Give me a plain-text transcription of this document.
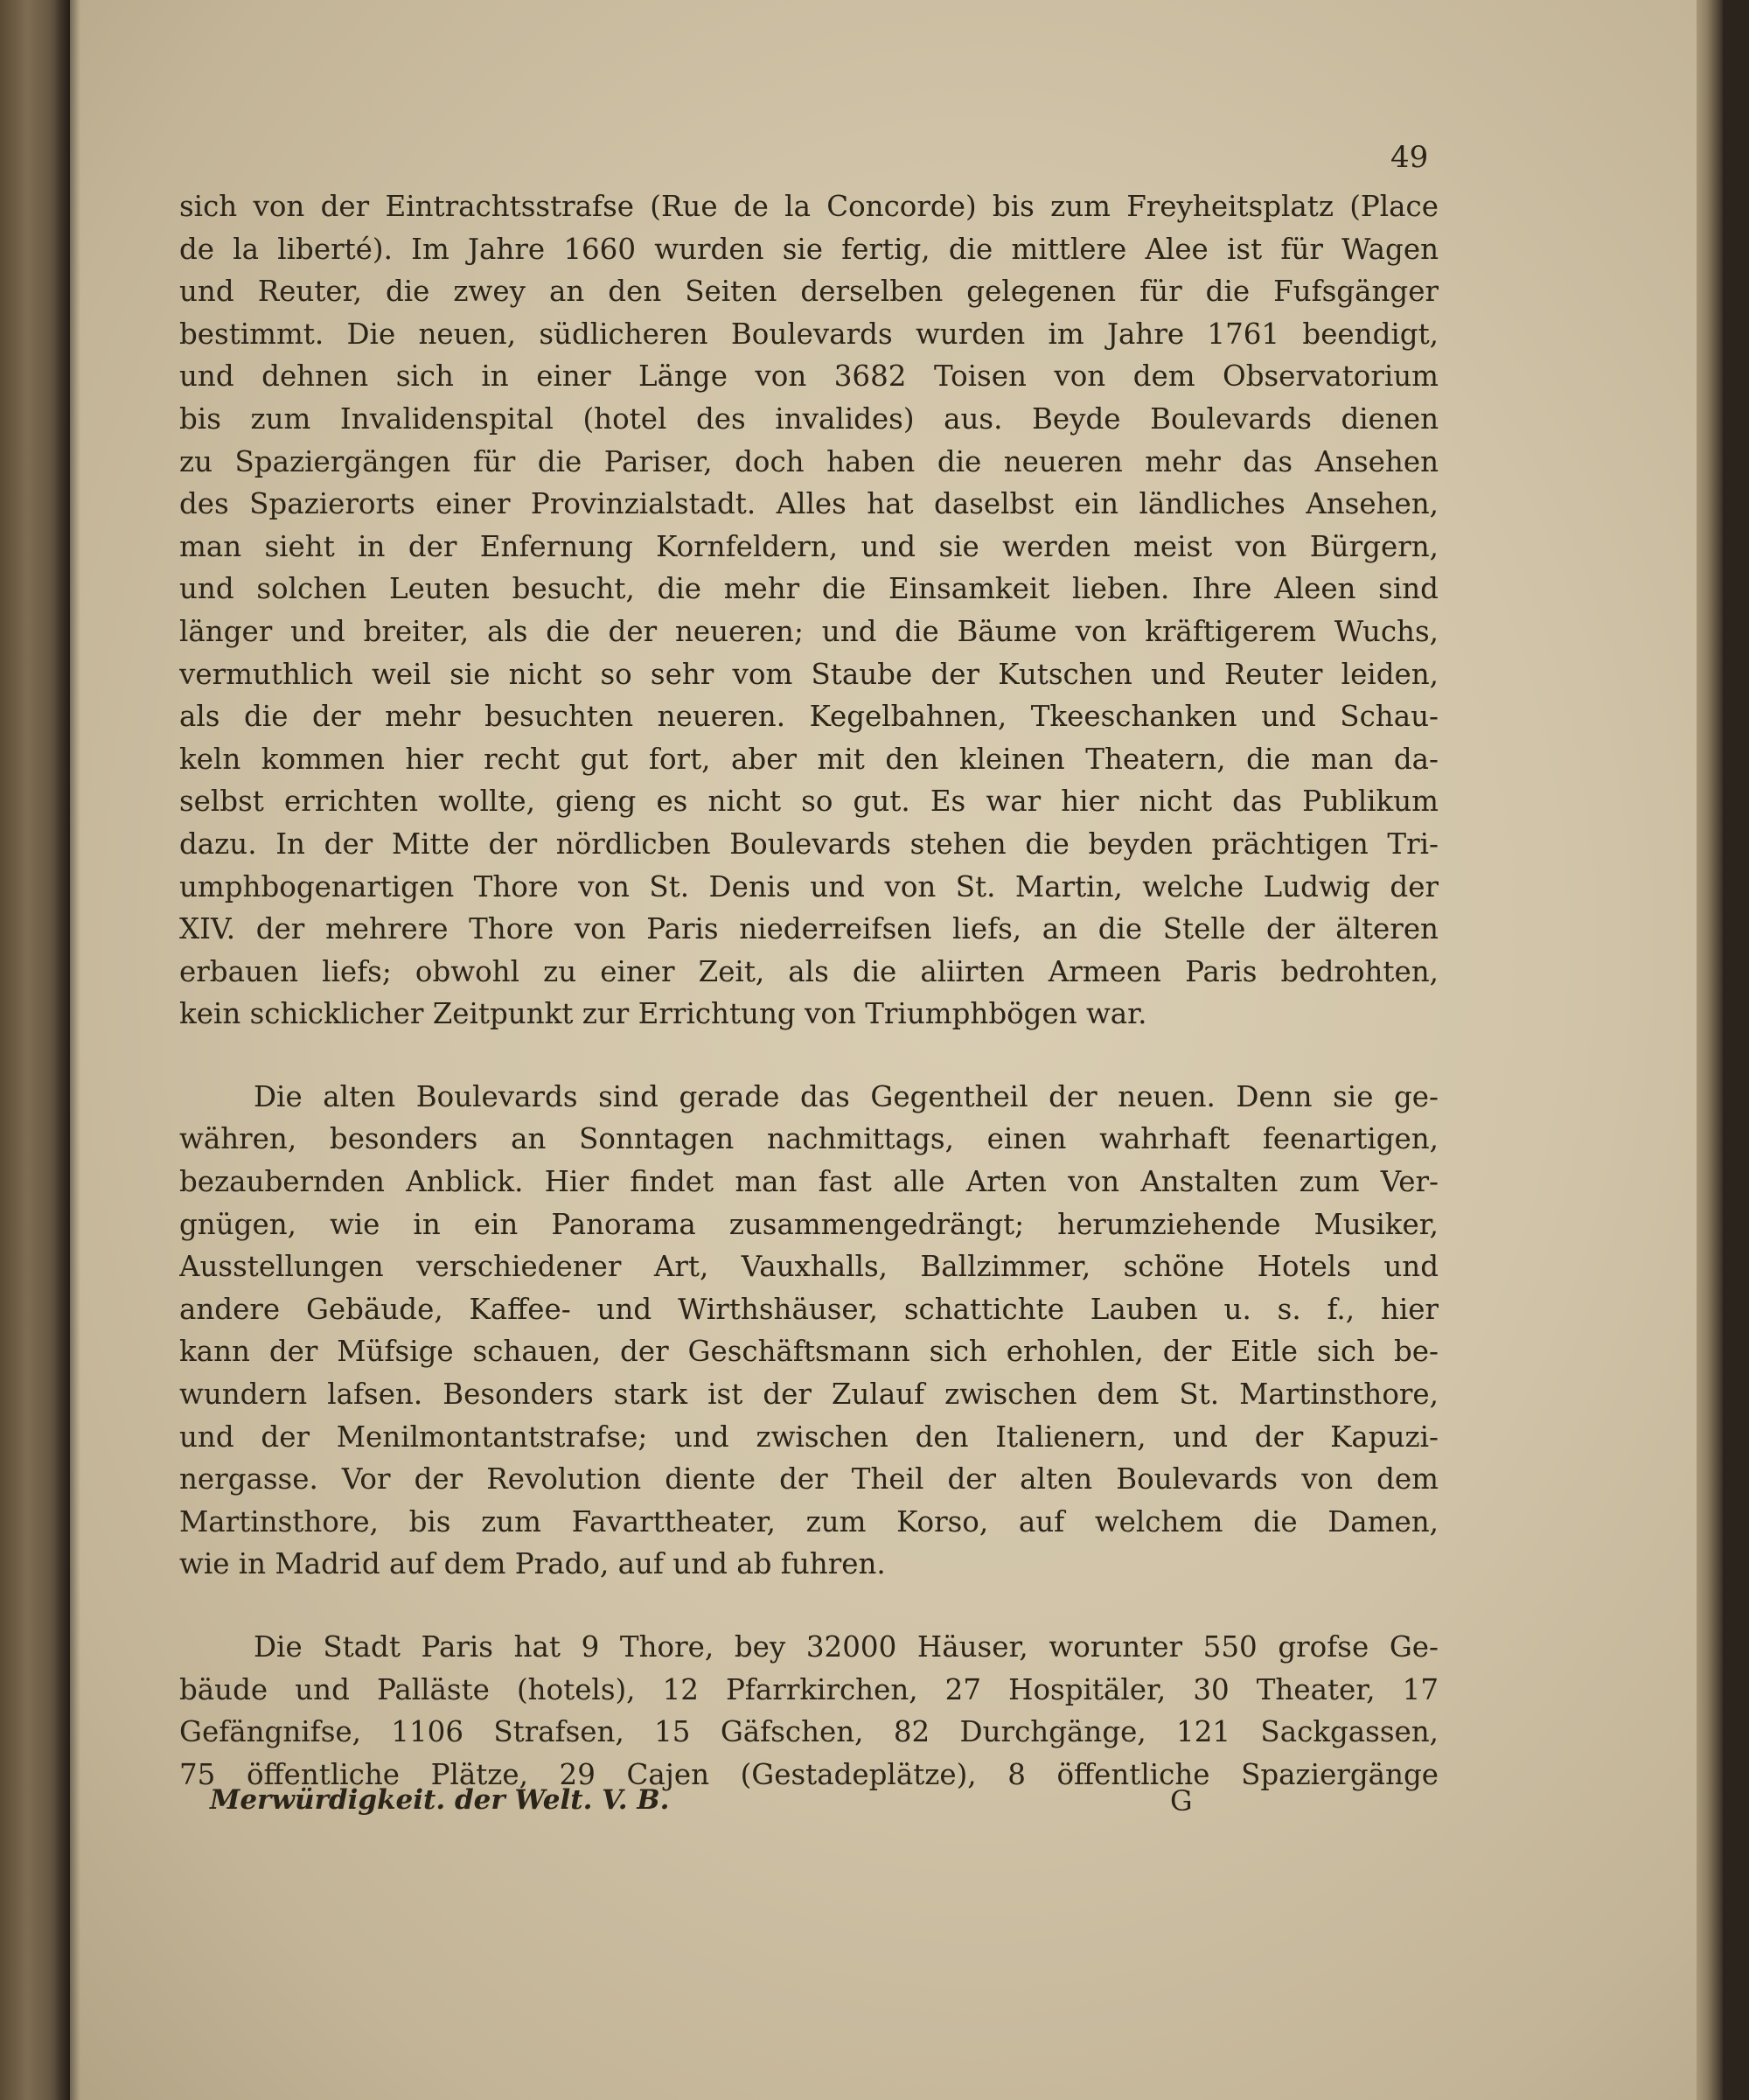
49
sich von der Eintrachtsstrafse (Rue de la Concorde) bis zum Freyheitsplatz (Place
de la liberté). Im Jahre 1660 wurden sie fertig, die mittlere Alee ist für Wagen
und Reuter, die zwey an den Seiten derselben gelegenen für die Fufsgänger
bestimmt. Die neuen, südlicheren Boulevards wurden im Jahre 1761 beendigt,
und dehnen sich in einer Länge von 3682 Toisen von dem Observatorium
bis zum Invalidenspital (hotel des invalides) aus. Beyde Boulevards dienen
zu Spaziergängen für die Pariser, doch haben die neueren mehr das Ansehen
des Spazierorts einer Provinzialstadt. Alles hat daselbst ein ländliches Ansehen,
man sieht in der Enfernung Kornfeldern, und sie werden meist von Bürgern,
und solchen Leuten besucht, die mehr die Einsamkeit lieben. Ihre Aleen sind
länger und breiter, als die der neueren; und die Bäume von kräftigerem Wuchs,
vermuthlich weil sie nicht so sehr vom Staube der Kutschen und Reuter leiden,
als die der mehr besuchten neueren. Kegelbahnen, Tkeeschanken und Schau-
keln kommen hier recht gut fort, aber mit den kleinen Theatern, die man da-
selbst errichten wollte, gieng es nicht so gut. Es war hier nicht das Publikum
dazu. In der Mitte der nördlicben Boulevards stehen die beyden prächtigen Tri-
umphbogenartigen Thore von St. Denis und von St. Martin, welche Ludwig der
XIV. der mehrere Thore von Paris niederreifsen liefs, an die Stelle der älteren
erbauen liefs; obwohl zu einer Zeit, als die aliirten Armeen Paris bedrohten,
kein schicklicher Zeitpunkt zur Errichtung von Triumphbögen war.
Die alten Boulevards sind gerade das Gegentheil der neuen. Denn sie ge-
währen, besonders an Sonntagen nachmittags, einen wahrhaft feenartigen,
bezaubernden Anblick. Hier findet man fast alle Arten von Anstalten zum Ver-
gnügen, wie in ein Panorama zusammengedrängt; herumziehende Musiker,
Ausstellungen verschiedener Art, Vauxhalls, Ballzimmer, schöne Hotels und
andere Gebäude, Kaffee- und Wirthshäuser, schattichte Lauben u. s. f., hier
kann der Müfsige schauen, der Geschäftsmann sich erhohlen, der Eitle sich be-
wundern lafsen. Besonders stark ist der Zulauf zwischen dem St. Martinsthore,
und der Menilmontantstrafse; und zwischen den Italienern, und der Kapuzi-
nergasse. Vor der Revolution diente der Theil der alten Boulevards von dem
Martinsthore, bis zum Favarttheater, zum Korso, auf welchem die Damen,
wie in Madrid auf dem Prado, auf und ab fuhren.
Die Stadt Paris hat 9 Thore, bey 32000 Häuser, worunter 550 grofse Ge-
bäude und Palläste (hotels), 12 Pfarrkirchen, 27 Hospitäler, 30 Theater, 17
Gefängnifse, 1106 Strafsen, 15 Gäfschen, 82 Durchgänge, 121 Sackgassen,
75 öffentliche Plätze, 29 Cajen (Gestadeplätze), 8 öffentliche Spaziergänge
Merwürdigkeit. der Welt. V. B.	G
